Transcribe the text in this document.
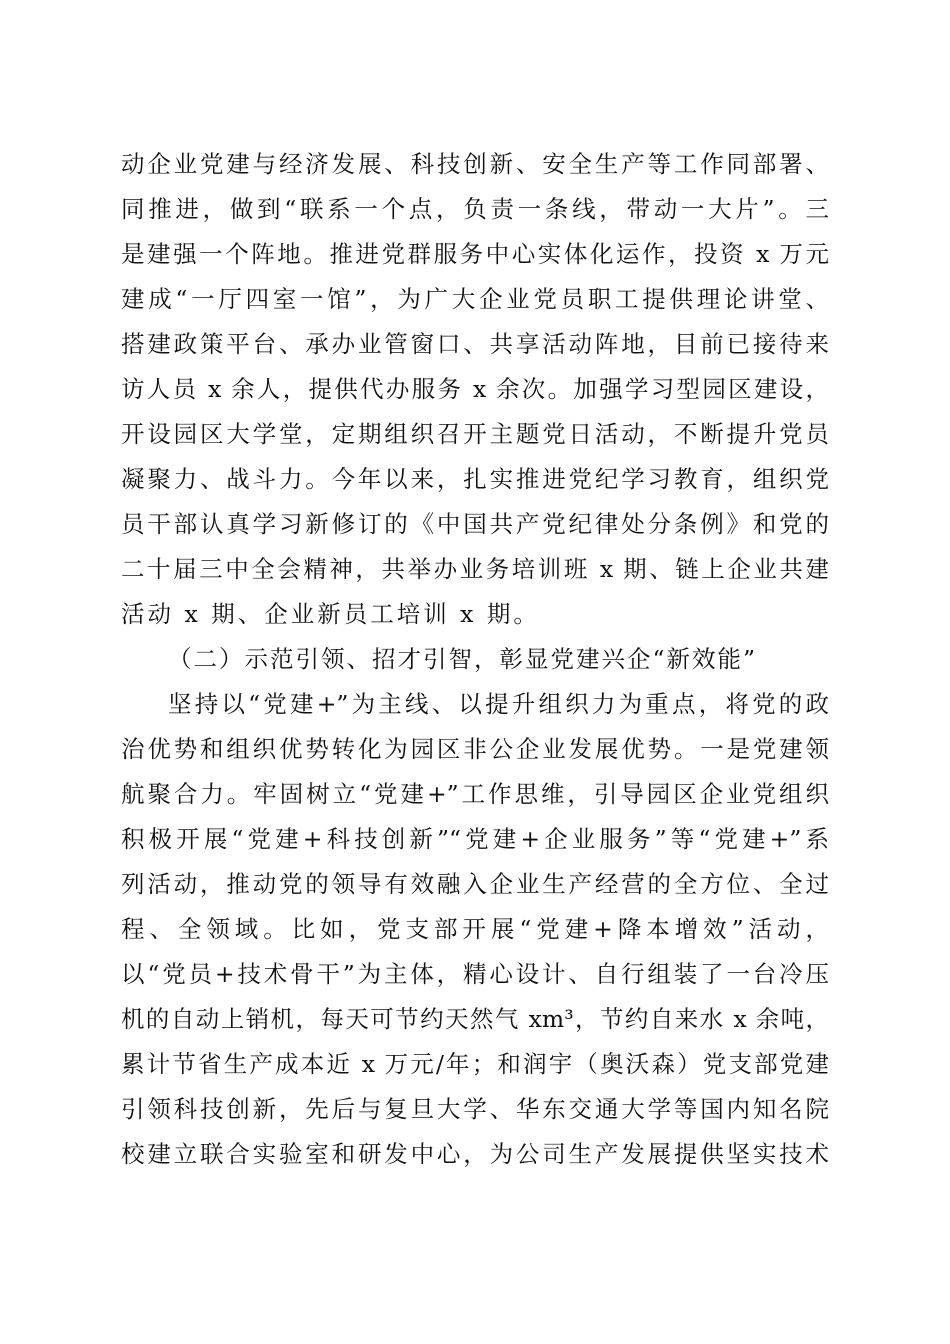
动企业党建与经济发展、科技创新、安全生产等工作同部署、
同推进，做到“联系一个点，负责一条线，带动一大片”。三
是建强一个阵地。推进党群服务中心实体化运作，投资 x 万元
建成“一厅四室一馆”，为广大企业党员职工提供理论讲堂、
搭建政策平台、承办业管窗口、共享活动阵地，目前已接待来
访人员 x 余人，提供代办服务 x 余次。加强学习型园区建设，
开设园区大学堂，定期组织召开主题党日活动，不断提升党员
凝聚力、战斗力。今年以来，扎实推进党纪学习教育，组织党
员干部认真学习新修订的《中国共产党纪律处分条例》和党的
二十届三中全会精神，共举办业务培训班 x 期、链上企业共建
活动 x 期、企业新员工培训 x 期。
（二）示范引领、招才引智，彰显党建兴企“新效能”
坚持以“党建+”为主线、以提升组织力为重点，将党的政
治优势和组织优势转化为园区非公企业发展优势。一是党建领
航聚合力。牢固树立“党建+”工作思维，引导园区企业党组织
积极开展“党建+科技创新”“党建+企业服务”等“党建+”系
列活动，推动党的领导有效融入企业生产经营的全方位、全过
程、全领域。比如，党支部开展“党建+降本增效”活动，
以“党员+技术骨干”为主体，精心设计、自行组装了一台冷压
机的自动上销机，每天可节约天然气 xm³，节约自来水 x 余吨，
累计节省生产成本近 x 万元/年；和润宇（奥沃森）党支部党建
引领科技创新，先后与复旦大学、华东交通大学等国内知名院
校建立联合实验室和研发中心，为公司生产发展提供坚实技术
